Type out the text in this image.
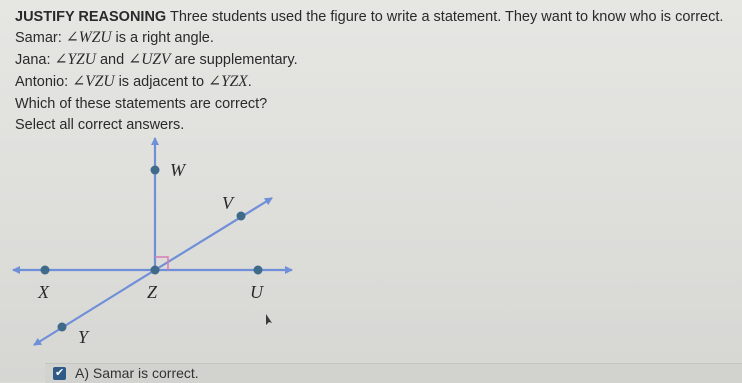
JUSTIFY REASONING Three students used the figure to write a statement. They want to know who is correct.
Samar: ∠WZU is a right angle.
Jana: ∠YZU and ∠UZV are supplementary.
Antonio: ∠VZU is adjacent to ∠YZX.
Which of these statements are correct?
Select all correct answers.
W
V
X	Z	U
Y
✔ A) Samar is correct.
